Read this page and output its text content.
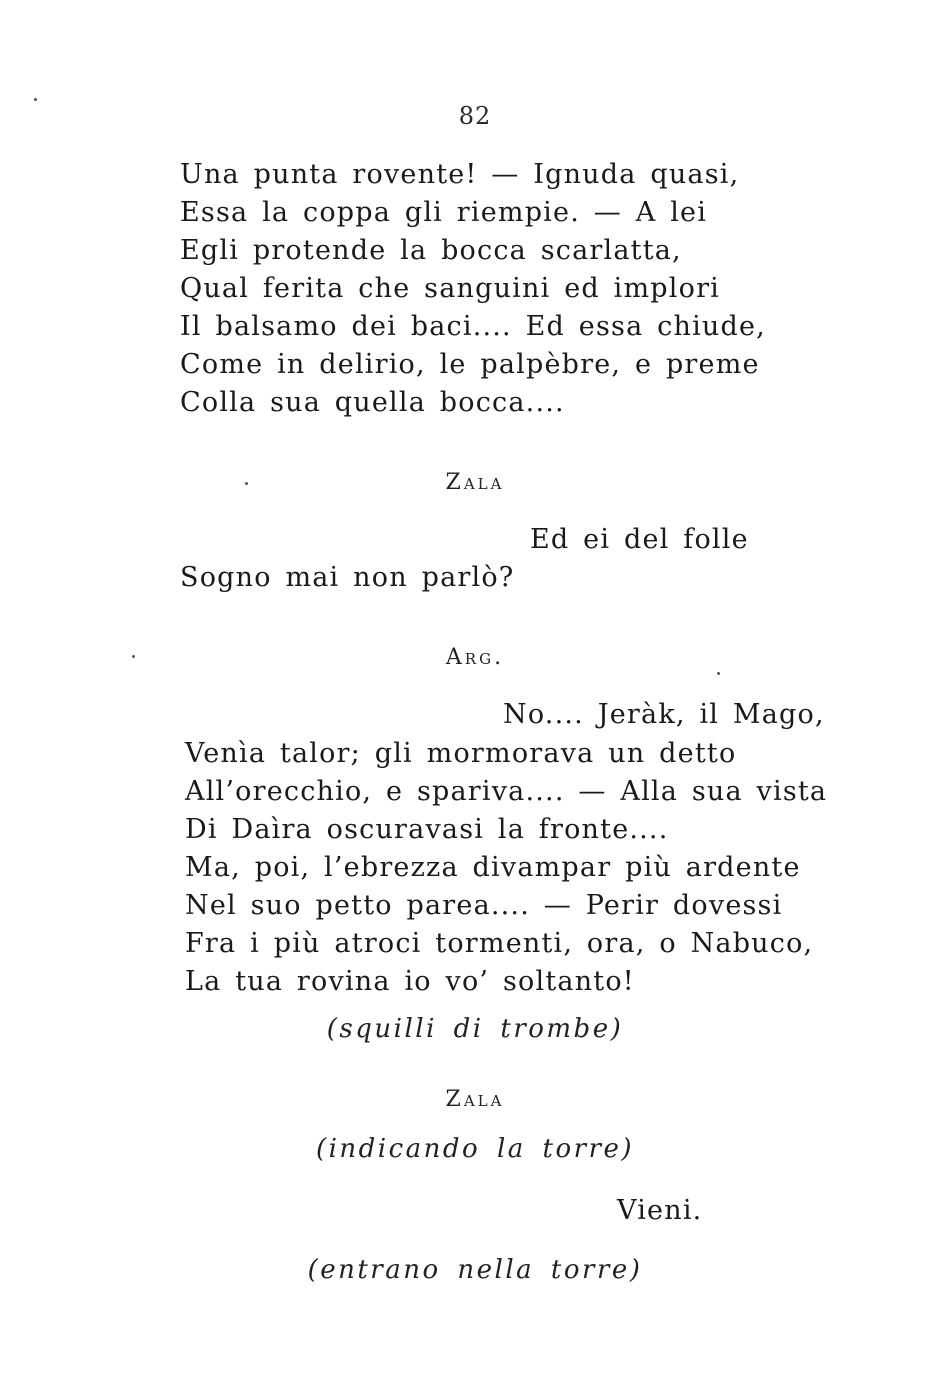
82
Una punta rovente! — Ignuda quasi,
Essa la coppa gli riempie. — A lei
Egli protende la bocca scarlatta,
Qual ferita che sanguini ed implori
Il balsamo dei baci.... Ed essa chiude,
Come in delirio, le palpèbre, e preme
Colla sua quella bocca....
Zala
Ed ei del folle
Sogno mai non parlò?
Arg.
No.... Jeràk, il Mago,
Venìa talor; gli mormorava un detto
All’orecchio, e spariva.... — Alla sua vista
Di Daìra oscuravasi la fronte....
Ma, poi, l’ebrezza divampar più ardente
Nel suo petto parea.... — Perir dovessi
Fra i più atroci tormenti, ora, o Nabuco,
La tua rovina io vo’ soltanto!
(squilli di trombe)
Zala
(indicando la torre)
Vieni.
(entrano nella torre)
